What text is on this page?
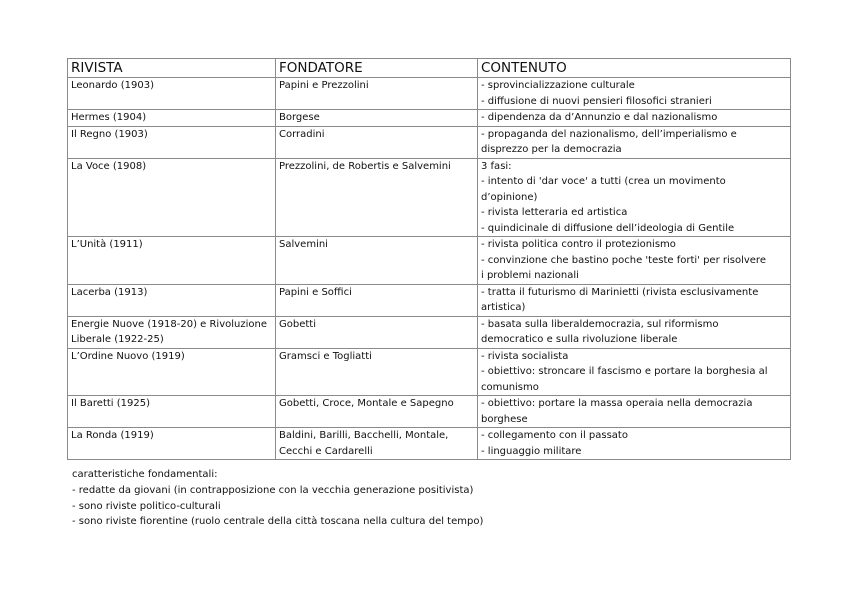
RIVISTA	FONDATORE	CONTENUTO

Leonardo (1903)	Papini e Prezzolini	- sprovincializzazione culturale
- diffusione di nuovi pensieri filosofici stranieri

Hermes (1904)	Borgese	- dipendenza da d’Annunzio e dal nazionalismo

Il Regno (1903)	Corradini	- propaganda del nazionalismo, dell’imperialismo e
disprezzo per la democrazia

La Voce (1908)	Prezzolini, de Robertis e Salvemini	3 fasi:
- intento di 'dar voce' a tutti (crea un movimento
d’opinione)
- rivista letteraria ed artistica
- quindicinale di diffusione dell’ideologia di Gentile

L’Unità (1911)	Salvemini	- rivista politica contro il protezionismo
- convinzione che bastino poche 'teste forti' per risolvere
i problemi nazionali

Lacerba (1913)	Papini e Soffici	- tratta il futurismo di Marinietti (rivista esclusivamente
artistica)

Energie Nuove (1918-20) e Rivoluzione
Liberale (1922-25)	Gobetti	- basata sulla liberaldemocrazia, sul riformismo
democratico e sulla rivoluzione liberale

L’Ordine Nuovo (1919)	Gramsci e Togliatti	- rivista socialista
- obiettivo: stroncare il fascismo e portare la borghesia al
comunismo

Il Baretti (1925)	Gobetti, Croce, Montale e Sapegno	- obiettivo: portare la massa operaia nella democrazia
borghese

La Ronda (1919)	Baldini, Barilli, Bacchelli, Montale,
Cecchi e Cardarelli	- collegamento con il passato
- linguaggio militare
caratteristiche fondamentali:
- redatte da giovani (in contrapposizione con la vecchia generazione positivista)
- sono riviste politico-culturali
- sono riviste fiorentine (ruolo centrale della città toscana nella cultura del tempo)
